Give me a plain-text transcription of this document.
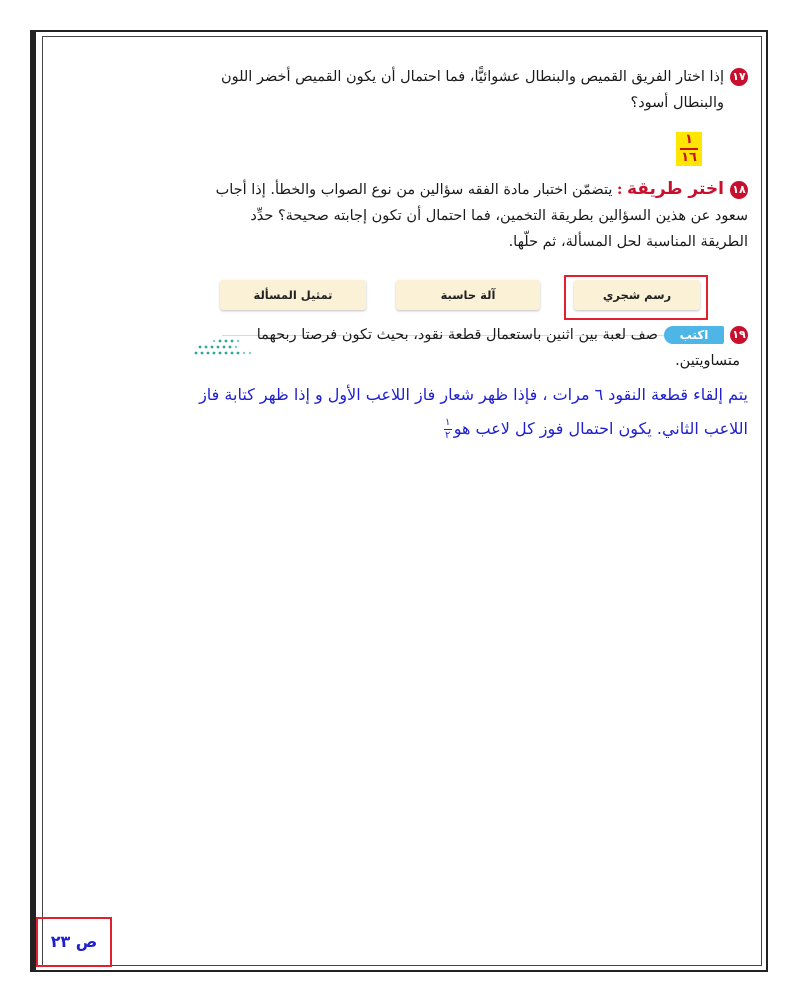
١٧إذا اختار الفريق القميص والبنطال عشوائيًّا، فما احتمال أن يكون القميص أخضر اللون
والبنطال أسود؟
١
١٦
١٨اختر طريقة : يتضمّن اختبار مادة الفقه سؤالين من نوع الصواب والخطأ. إذا أجاب
سعود عن هذين السؤالين بطريقة التخمين، فما احتمال أن تكون إجابته صحيحة؟ حدِّد
الطريقة المناسبة لحل المسألة، ثم حلّها.
رسم شجري
آلة حاسبة
تمثيل المسألة
١٩اكتبصف لعبة بين اثنين باستعمال قطعة نقود، بحيث تكون فرصتا ربحهما
متساويتين.
يتم إلقاء قطعة النقود ٦ مرات ، فإذا ظهر شعار فاز اللاعب الأول و إذا ظهر كتابة فاز
اللاعب الثاني. يكون احتمال فوز كل لاعب هو
١
٢
ص ٢٣
